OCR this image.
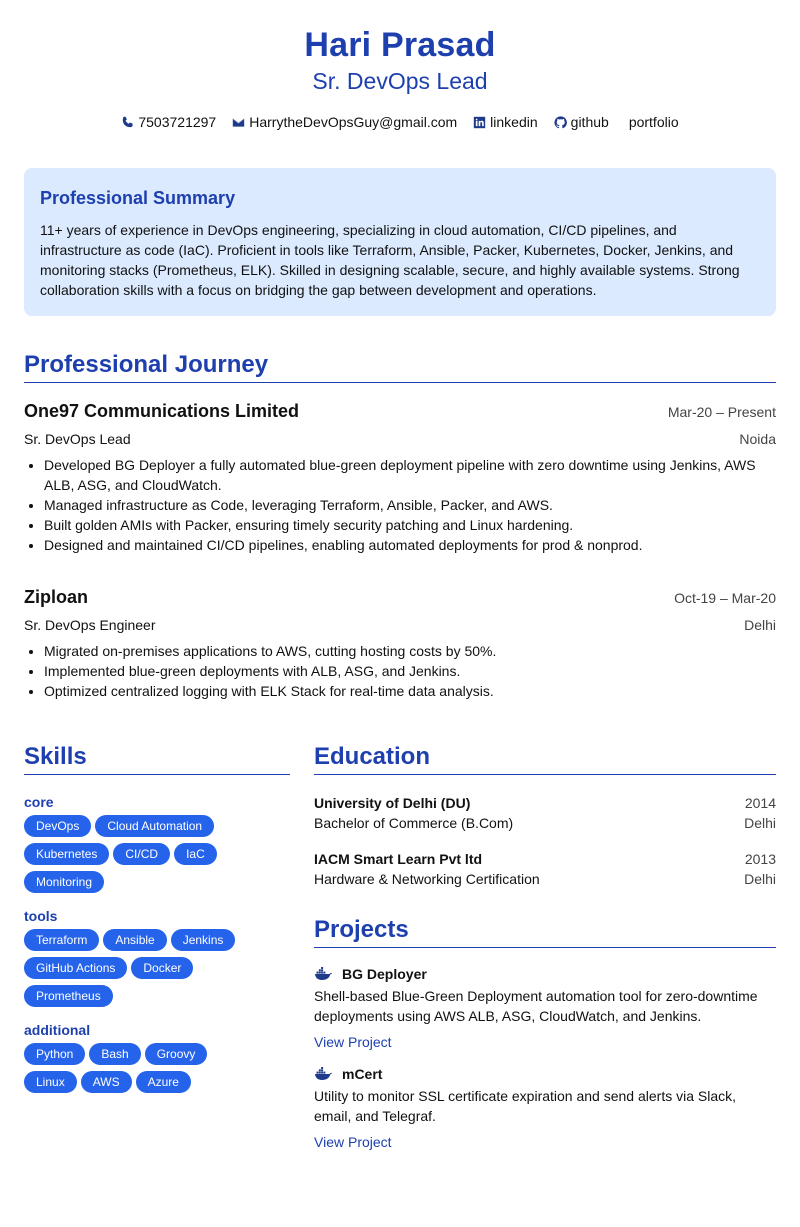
Hari Prasad
Sr. DevOps Lead
7503721297 HarrytheDevOpsGuy@gmail.com linkedin github portfolio
Professional Summary

11+ years of experience in DevOps engineering, specializing in cloud automation, CI/CD pipelines, and infrastructure as code (IaC). Proficient in tools like Terraform, Ansible, Packer, Kubernetes, Docker, Jenkins, and monitoring stacks (Prometheus, ELK). Skilled in designing scalable, secure, and highly available systems. Strong collaboration skills with a focus on bridging the gap between development and operations.

Professional Journey
One97 Communications Limited	Mar-20 – Present
Sr. DevOps Lead	Noida
• Developed BG Deployer a fully automated blue-green deployment pipeline with zero downtime using Jenkins, AWS ALB, ASG, and CloudWatch.
• Managed infrastructure as Code, leveraging Terraform, Ansible, Packer, and AWS.
• Built golden AMIs with Packer, ensuring timely security patching and Linux hardening.
• Designed and maintained CI/CD pipelines, enabling automated deployments for prod & nonprod.
Ziploan	Oct-19 – Mar-20
Sr. DevOps Engineer	Delhi
• Migrated on-premises applications to AWS, cutting hosting costs by 50%.
• Implemented blue-green deployments with ALB, ASG, and Jenkins.
• Optimized centralized logging with ELK Stack for real-time data analysis.
Skills
core
DevOps	Cloud Automation
Kubernetes	CI/CD	IaC
Monitoring
tools
Terraform	Ansible	Jenkins
GitHub Actions	Docker
Prometheus
additional
Python	Bash	Groovy
Linux	AWS	Azure
Education
University of Delhi (DU)	2014
Bachelor of Commerce (B.Com)	Delhi
IACM Smart Learn Pvt ltd	2013
Hardware & Networking Certification	Delhi
Projects
BG Deployer
Shell-based Blue-Green Deployment automation tool for zero-downtime deployments using AWS ALB, ASG, CloudWatch, and Jenkins.
View Project
mCert
Utility to monitor SSL certificate expiration and send alerts via Slack, email, and Telegraf.
View Project
